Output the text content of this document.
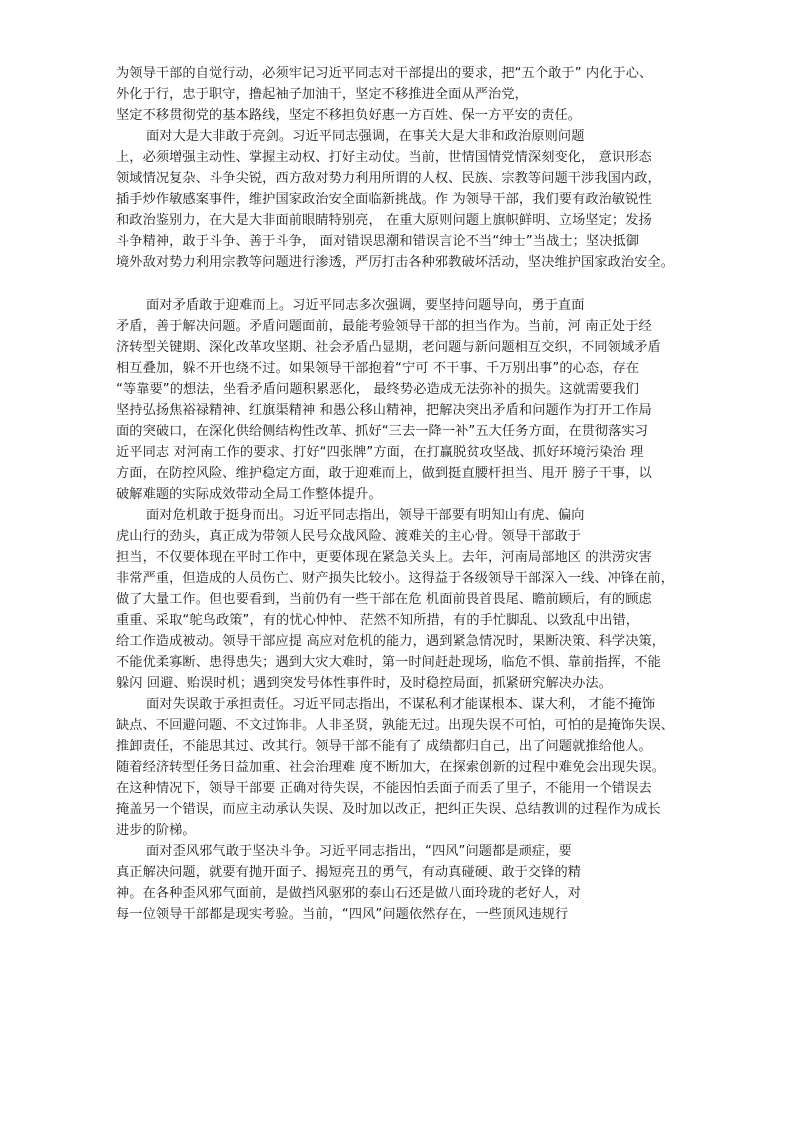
为领导干部的自觉行动，必须牢记习近平同志对干部提出的要求，把“五个敢于” 内化于心、
外化于行，忠于职守，撸起袖子加油干，坚定不移推进全面从严治党，
坚定不移贯彻党的基本路线，坚定不移担负好惠一方百姓、保一方平安的责任。
面对大是大非敢于亮剑。习近平同志强调，在事关大是大非和政治原则问题
上，必须增强主动性、掌握主动权、打好主动仗。当前，世情国情党情深刻变化， 意识形态
领域情况复杂、斗争尖锐，西方敌对势力利用所谓的人权、民族、宗教等问题干涉我国内政，
插手炒作敏感案事件，维护国家政治安全面临新挑战。作 为领导干部，我们要有政治敏锐性
和政治鉴别力，在大是大非面前眼睛特别亮， 在重大原则问题上旗帜鲜明、立场坚定；发扬
斗争精神，敢于斗争、善于斗争， 面对错误思潮和错误言论不当“绅士”当战士；坚决抵御
境外敌对势力利用宗教等问题进行渗透，严厉打击各种邪教破坏活动，坚决维护国家政治安全。
面对矛盾敢于迎难而上。习近平同志多次强调，要坚持问题导向，勇于直面
矛盾，善于解决问题。矛盾问题面前，最能考验领导干部的担当作为。当前，河 南正处于经
济转型关键期、深化改革攻坚期、社会矛盾凸显期，老问题与新问题相互交织，不同领域矛盾
相互叠加，躲不开也绕不过。如果领导干部抱着“宁可 不干事、千万别出事”的心态，存在
“等靠要”的想法，坐看矛盾问题积累恶化， 最终势必造成无法弥补的损失。这就需要我们
坚持弘扬焦裕禄精神、红旗渠精神 和愚公移山精神，把解决突出矛盾和问题作为打开工作局
面的突破口，在深化供给侧结构性改革、抓好“三去一降一补”五大任务方面，在贯彻落实习
近平同志 对河南工作的要求、打好“四张牌”方面，在打赢脱贫攻坚战、抓好环境污染治 理
方面，在防控风险、维护稳定方面，敢于迎难而上，做到挺直腰杆担当、甩开 膀子干事，以
破解难题的实际成效带动全局工作整体提升。
面对危机敢于挺身而出。习近平同志指出，领导干部要有明知山有虎、偏向
虎山行的劲头，真正成为带领人民号众战风险、渡难关的主心骨。领导干部敢于
担当，不仅要体现在平时工作中，更要体现在紧急关头上。去年，河南局部地区 的洪涝灾害
非常严重，但造成的人员伤亡、财产损失比较小。这得益于各级领导干部深入一线、冲锋在前，
做了大量工作。但也要看到，当前仍有一些干部在危 机面前畏首畏尾、瞻前顾后，有的顾虑
重重、采取“鸵鸟政策”，有的忧心忡忡、 茫然不知所措，有的手忙脚乱、以致乱中出错，
给工作造成被动。领导干部应提 高应对危机的能力，遇到紧急情况时，果断决策、科学决策，
不能优柔寡断、患得患失；遇到大灾大难时，第一时间赶赴现场，临危不惧、靠前指挥，不能
躲闪 回避、贻误时机；遇到突发号体性事件时，及时稳控局面，抓紧研究解决办法。
面对失误敢于承担责任。习近平同志指出，不谋私利才能谋根本、谋大利， 才能不掩饰
缺点、不回避问题、不文过饰非。人非圣贤，孰能无过。出现失误不可怕，可怕的是掩饰失误、
推卸责任，不能思其过、改其行。领导干部不能有了 成绩都归自己，出了问题就推给他人。
随着经济转型任务日益加重、社会治理难 度不断加大，在探索创新的过程中难免会出现失误。
在这种情况下，领导干部要 正确对待失误，不能因怕丢面子而丢了里子，不能用一个错误去
掩盖另一个错误，而应主动承认失误、及时加以改正，把纠正失误、总结教训的过程作为成长
进步的阶梯。
面对歪风邪气敢于坚决斗争。习近平同志指出，“四风”问题都是顽症，要
真正解决问题，就要有抛开面子、揭短亮丑的勇气，有动真碰硬、敢于交锋的精
神。在各种歪风邪气面前，是做挡风驱邪的泰山石还是做八面玲珑的老好人，对
每一位领导干部都是现实考验。当前，“四风”问题依然存在，一些顶风违规行
